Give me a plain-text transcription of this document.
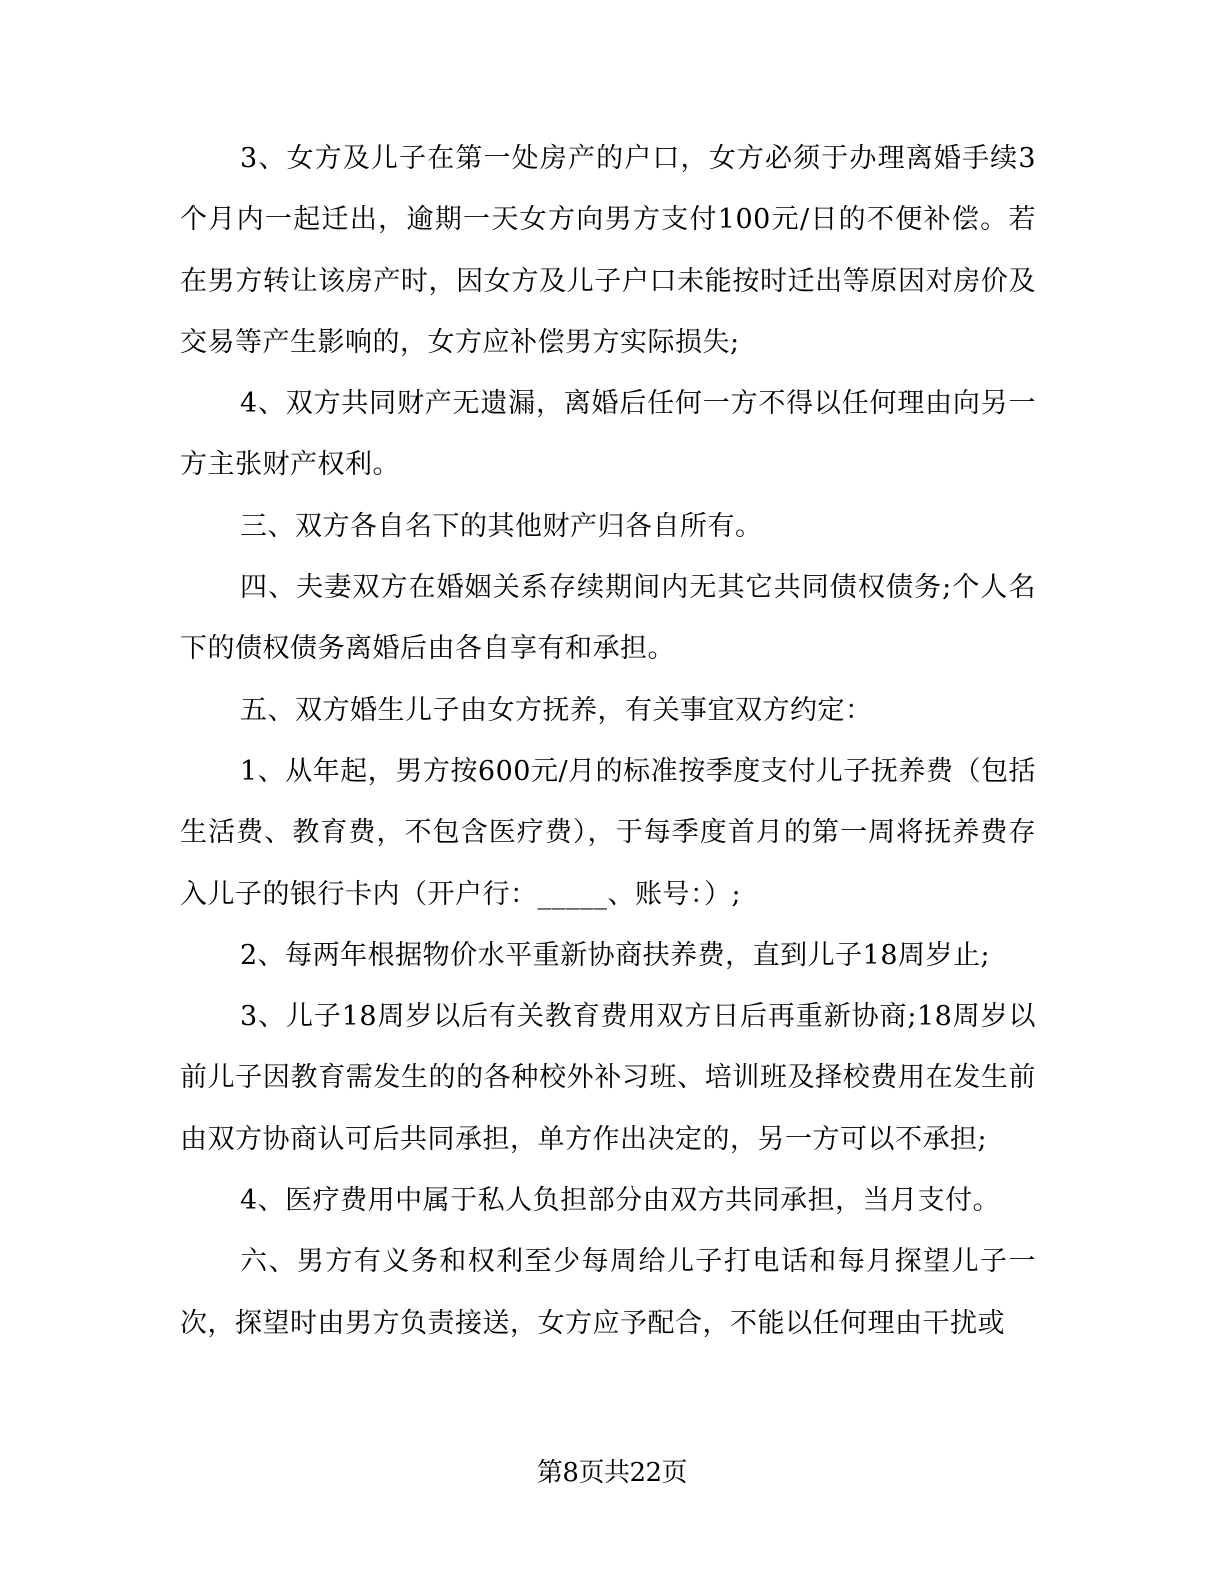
3、女方及儿子在第一处房产的户口，女方必须于办理离婚手续3个月内一起迁出，逾期一天女方向男方支付100元/日的不便补偿。若在男方转让该房产时，因女方及儿子户口未能按时迁出等原因对房价及交易等产生影响的，女方应补偿男方实际损失;

4、双方共同财产无遗漏，离婚后任何一方不得以任何理由向另一方主张财产权利。

三、双方各自名下的其他财产归各自所有。

四、夫妻双方在婚姻关系存续期间内无其它共同债权债务;个人名下的债权债务离婚后由各自享有和承担。

五、双方婚生儿子由女方抚养，有关事宜双方约定：

1、从年起，男方按600元/月的标准按季度支付儿子抚养费（包括生活费、教育费，不包含医疗费），于每季度首月的第一周将抚养费存入儿子的银行卡内（开户行：_____、账号：）;

2、每两年根据物价水平重新协商扶养费，直到儿子18周岁止;

3、儿子18周岁以后有关教育费用双方日后再重新协商;18周岁以前儿子因教育需发生的的各种校外补习班、培训班及择校费用在发生前由双方协商认可后共同承担，单方作出决定的，另一方可以不承担;

4、医疗费用中属于私人负担部分由双方共同承担，当月支付。

六、男方有义务和权利至少每周给儿子打电话和每月探望儿子一次，探望时由男方负责接送，女方应予配合，不能以任何理由干扰或

第8页共22页
